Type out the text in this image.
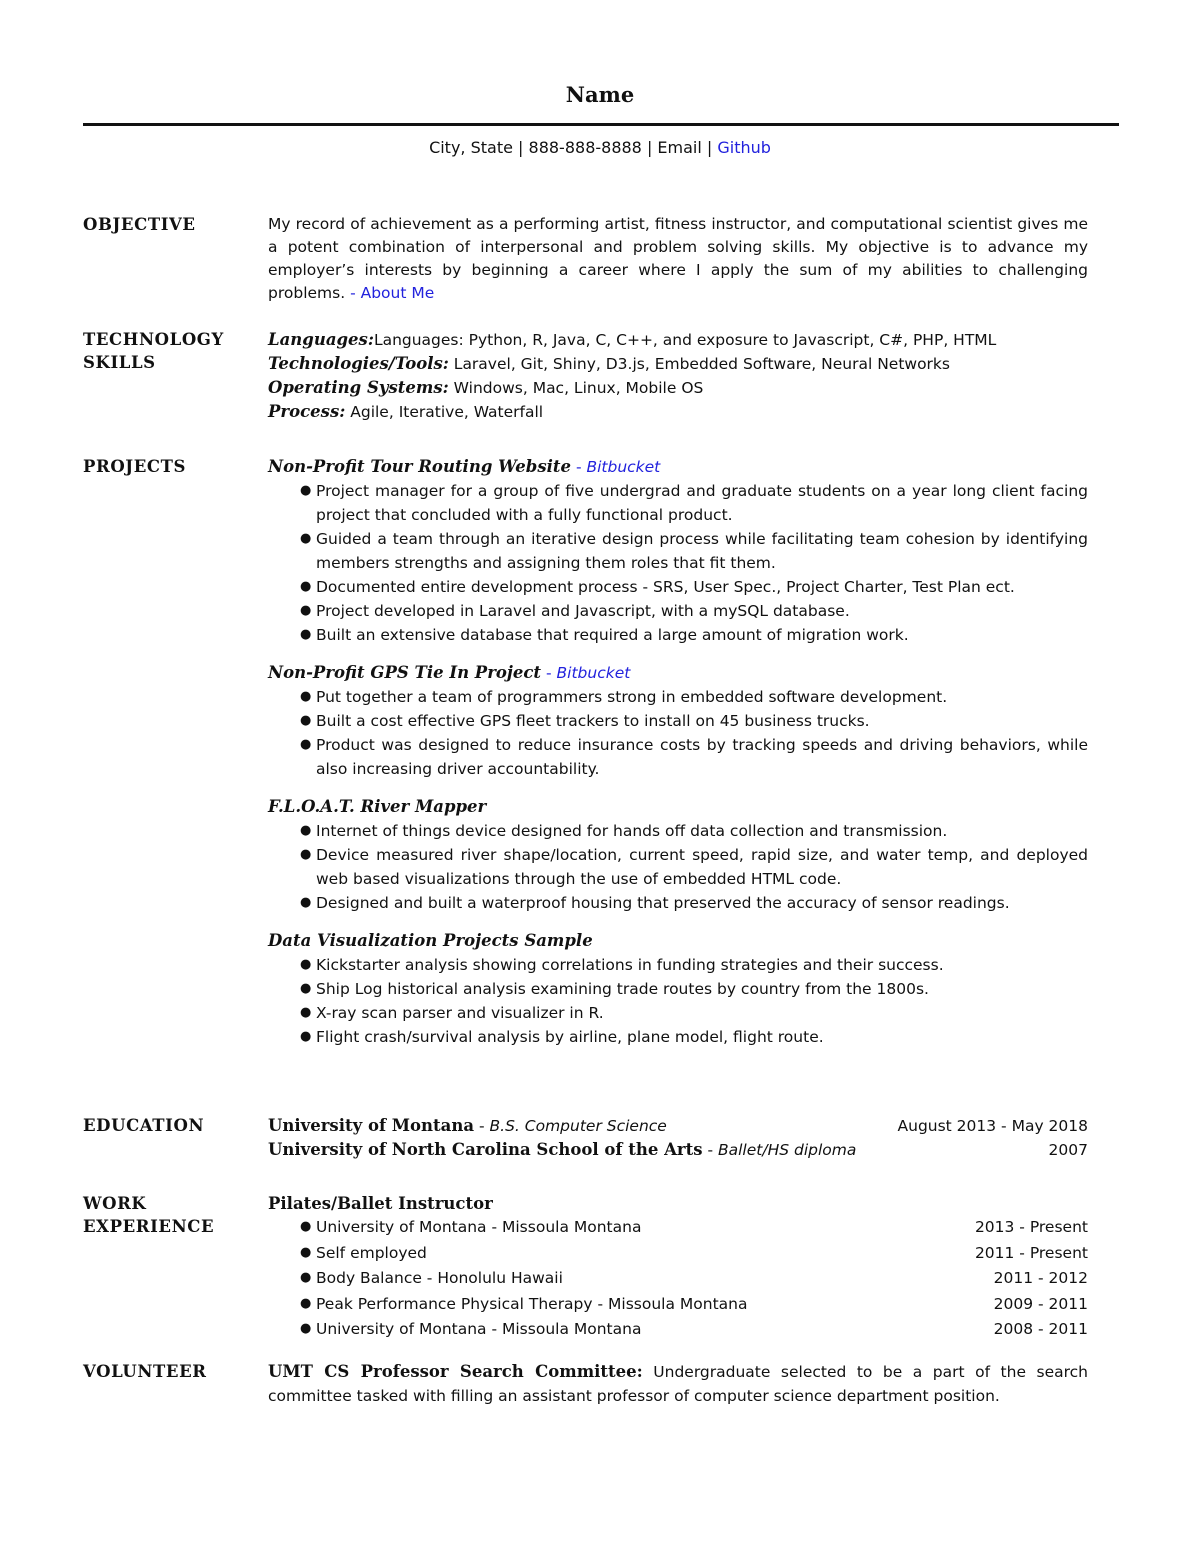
Name
City, State | 888-888-8888 | Email | Github
OBJECTIVE	My record of achievement as a performing artist, fitness instructor, and computational scientist gives me a potent combination of interpersonal and problem solving skills. My objective is to advance my employer’s interests by beginning a career where I apply the sum of my abilities to challenging problems. - About Me
TECHNOLOGY
SKILLS
Languages:Languages: Python, R, Java, C, C++, and exposure to Javascript, C#, PHP, HTML
Technologies/Tools: Laravel, Git, Shiny, D3.js, Embedded Software, Neural Networks
Operating Systems: Windows, Mac, Linux, Mobile OS
Process: Agile, Iterative, Waterfall
PROJECTS	Non-Profit Tour Routing Website - Bitbucket
● Project manager for a group of five undergrad and graduate students on a year long client facing project that concluded with a fully functional product.
● Guided a team through an iterative design process while facilitating team cohesion by identifying members strengths and assigning them roles that fit them.
● Documented entire development process - SRS, User Spec., Project Charter, Test Plan ect.
● Project developed in Laravel and Javascript, with a mySQL database.
● Built an extensive database that required a large amount of migration work.
Non-Profit GPS Tie In Project - Bitbucket
● Put together a team of programmers strong in embedded software development.
● Built a cost effective GPS fleet trackers to install on 45 business trucks.
● Product was designed to reduce insurance costs by tracking speeds and driving behaviors, while also increasing driver accountability.
F.L.O.A.T. River Mapper
● Internet of things device designed for hands off data collection and transmission.
● Device measured river shape/location, current speed, rapid size, and water temp, and deployed web based visualizations through the use of embedded HTML code.
● Designed and built a waterproof housing that preserved the accuracy of sensor readings.
Data Visualization Projects Sample
● Kickstarter analysis showing correlations in funding strategies and their success.
● Ship Log historical analysis examining trade routes by country from the 1800s.
● X-ray scan parser and visualizer in R.
● Flight crash/survival analysis by airline, plane model, flight route.
EDUCATION	University of Montana - B.S. Computer Science	August 2013 - May 2018
University of North Carolina School of the Arts - Ballet/HS diploma	2007
WORK
EXPERIENCE
Pilates/Ballet Instructor
● University of Montana - Missoula Montana	2013 - Present
● Self employed	2011 - Present
● Body Balance - Honolulu Hawaii	2011 - 2012
● Peak Performance Physical Therapy - Missoula Montana	2009 - 2011
● University of Montana - Missoula Montana	2008 - 2011
VOLUNTEER	UMT CS Professor Search Committee: Undergraduate selected to be a part of the search committee tasked with filling an assistant professor of computer science department position.
